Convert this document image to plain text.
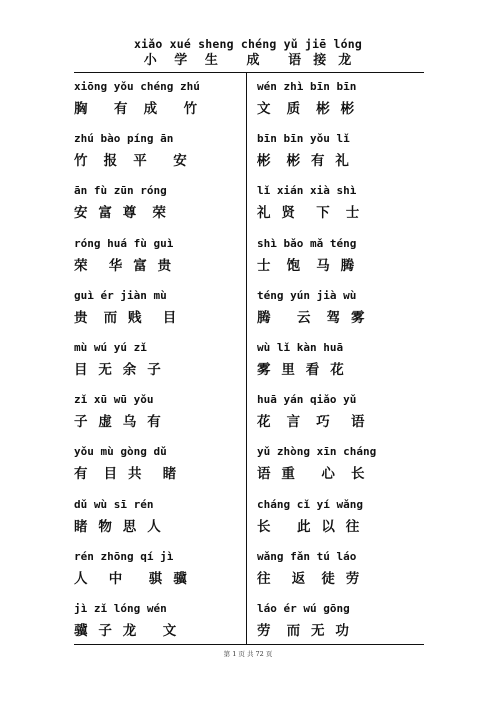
xiǎo xué sheng chéng yǔ jiē lóng
小   学   生     成     语  接  龙
xiōng yǒu chéng zhú
胸     有   成     竹
zhú bào píng ān
竹   报   平     安
ān fù zūn róng
安  富  尊   荣
róng huá fù guì
荣    华  富  贵
guì ér jiàn mù
贵   而  贱    目
mù wú yú zǐ
目  无  余  子
zǐ xū wū yǒu
子  虚  乌  有
yǒu mù gòng dǔ
有   目  共    睹
dǔ wù sī rén
睹  物  思  人
rén zhōng qí jì
人    中     骐  骥
jì zǐ lóng wén
骥  子  龙     文
wén zhì bīn bīn
文   质   彬  彬
bīn bīn yǒu lǐ
彬   彬  有  礼
lǐ xián xià shì
礼  贤    下   士
shì bǎo mǎ téng
士   饱   马  腾
téng yún jià wù
腾     云   驾  雾
wù lǐ kàn huā
雾  里  看  花
huā yán qiǎo yǔ
花   言   巧    语
yǔ zhòng xīn cháng
语  重     心   长
cháng cǐ yí wǎng
长     此  以  往
wǎng fǎn tú láo
往    返   徒  劳
láo ér wú gōng
劳   而  无  功
第 1 页 共 72 页
